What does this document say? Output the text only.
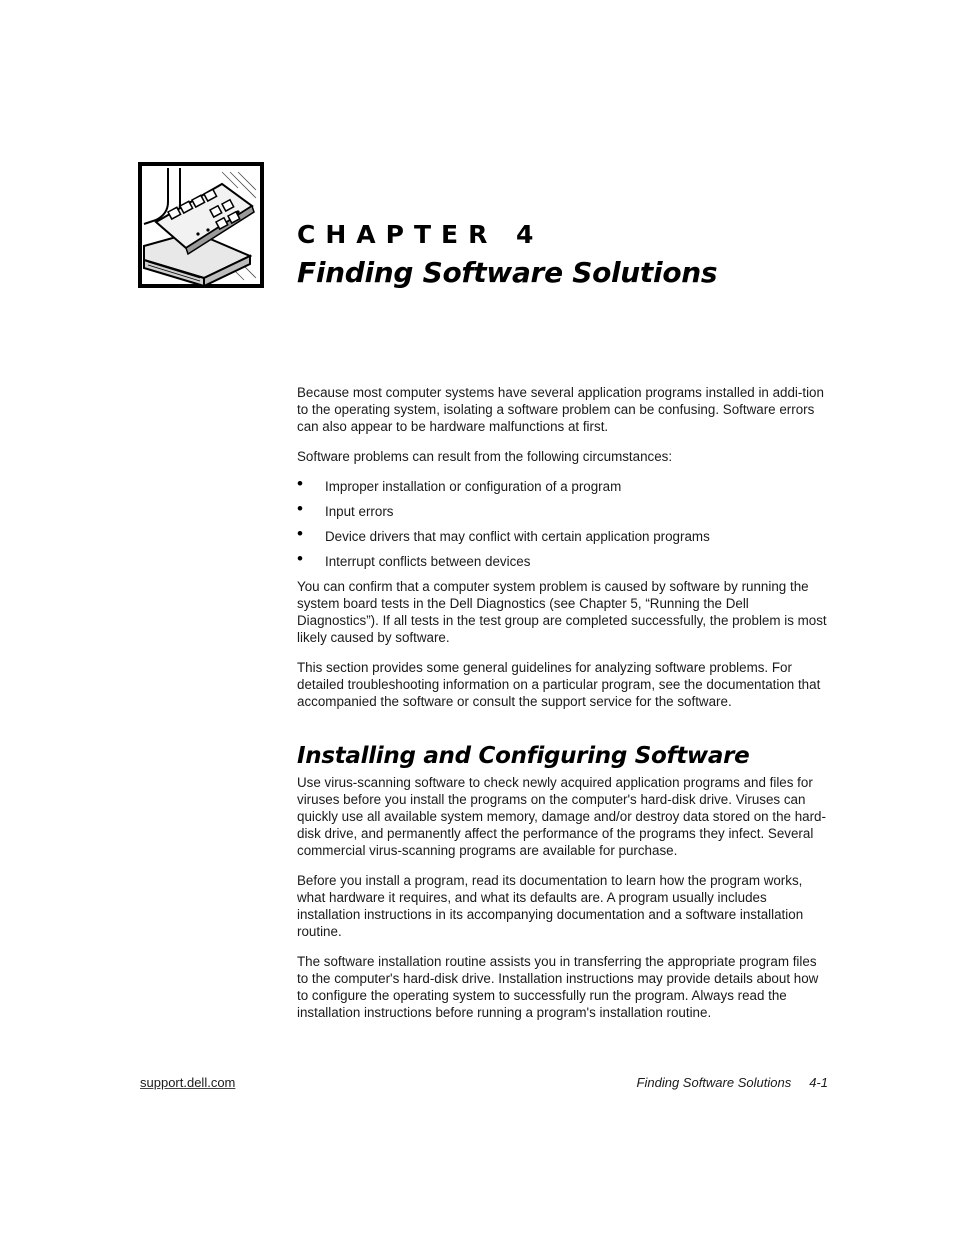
CHAPTER 4
Finding Software Solutions

Because most computer systems have several application programs installed in addi-tion to the operating system, isolating a software problem can be confusing. Software errors can also appear to be hardware malfunctions at first.

Software problems can result from the following circumstances:

• Improper installation or configuration of a program
• Input errors
• Device drivers that may conflict with certain application programs
• Interrupt conflicts between devices

You can confirm that a computer system problem is caused by software by running the system board tests in the Dell Diagnostics (see Chapter 5, “Running the Dell Diagnostics”). If all tests in the test group are completed successfully, the problem is most likely caused by software.

This section provides some general guidelines for analyzing software problems. For detailed troubleshooting information on a particular program, see the documentation that accompanied the software or consult the support service for the software.

Installing and Configuring Software

Use virus-scanning software to check newly acquired application programs and files for viruses before you install the programs on the computer's hard-disk drive. Viruses can quickly use all available system memory, damage and/or destroy data stored on the hard-disk drive, and permanently affect the performance of the programs they infect. Several commercial virus-scanning programs are available for purchase.

Before you install a program, read its documentation to learn how the program works, what hardware it requires, and what its defaults are. A program usually includes installation instructions in its accompanying documentation and a software installation routine.

The software installation routine assists you in transferring the appropriate program files to the computer's hard-disk drive. Installation instructions may provide details about how to configure the operating system to successfully run the program. Always read the installation instructions before running a program's installation routine.

support.dell.com	Finding Software Solutions 4-1
